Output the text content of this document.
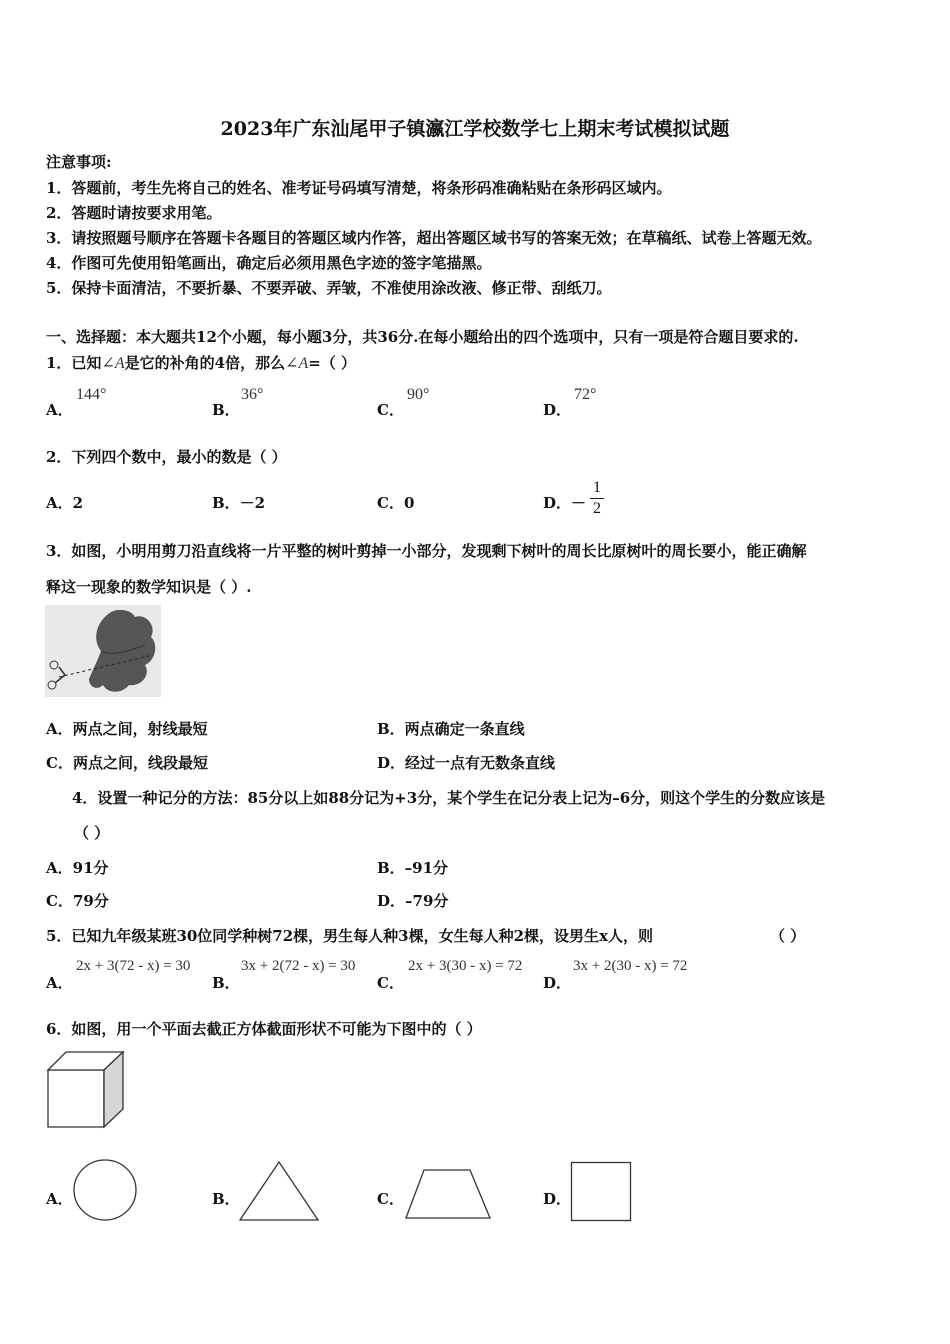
2023年广东汕尾甲子镇瀛江学校数学七上期末考试模拟试题
注意事项:
1．答题前，考生先将自己的姓名、准考证号码填写清楚，将条形码准确粘贴在条形码区域内。
2．答题时请按要求用笔。
3．请按照题号顺序在答题卡各题目的答题区域内作答，超出答题区域书写的答案无效；在草稿纸、试卷上答题无效。
4．作图可先使用铅笔画出，确定后必须用黑色字迹的签字笔描黑。
5．保持卡面清洁，不要折暴、不要弄破、弄皱，不准使用涂改液、修正带、刮纸刀。
一、选择题：本大题共12个小题，每小题3分，共36分.在每小题给出的四个选项中，只有一项是符合题目要求的.
1．已知∠A是它的补角的4倍，那么∠A=（ ）
A．
144°
B．
36°
C．
90°
D．
72°
2．下列四个数中，最小的数是（ ）
A．2	B．－2	C．0	D．－
1
2
3．如图，小明用剪刀沿直线将一片平整的树叶剪掉一小部分，发现剩下树叶的周长比原树叶的周长要小，能正确解
释这一现象的数学知识是（ ）.
A．两点之间，射线最短	B．两点确定一条直线
C．两点之间，线段最短	D．经过一点有无数条直线
4．设置一种记分的方法：85分以上如88分记为+3分，某个学生在记分表上记为–6分，则这个学生的分数应该是
（ ）
A．91分	B．–91分
C．79分	D．–79分
5．已知九年级某班30位同学种树72棵，男生每人种3棵，女生每人种2棵，设男生x人，则	（ ）
A．
2x + 3(72 - x) = 30
B．
3x + 2(72 - x) = 30
C．
2x + 3(30 - x) = 72
D．
3x + 2(30 - x) = 72
6．如图，用一个平面去截正方体截面形状不可能为下图中的（ ）
A．	B．	C．	D．
